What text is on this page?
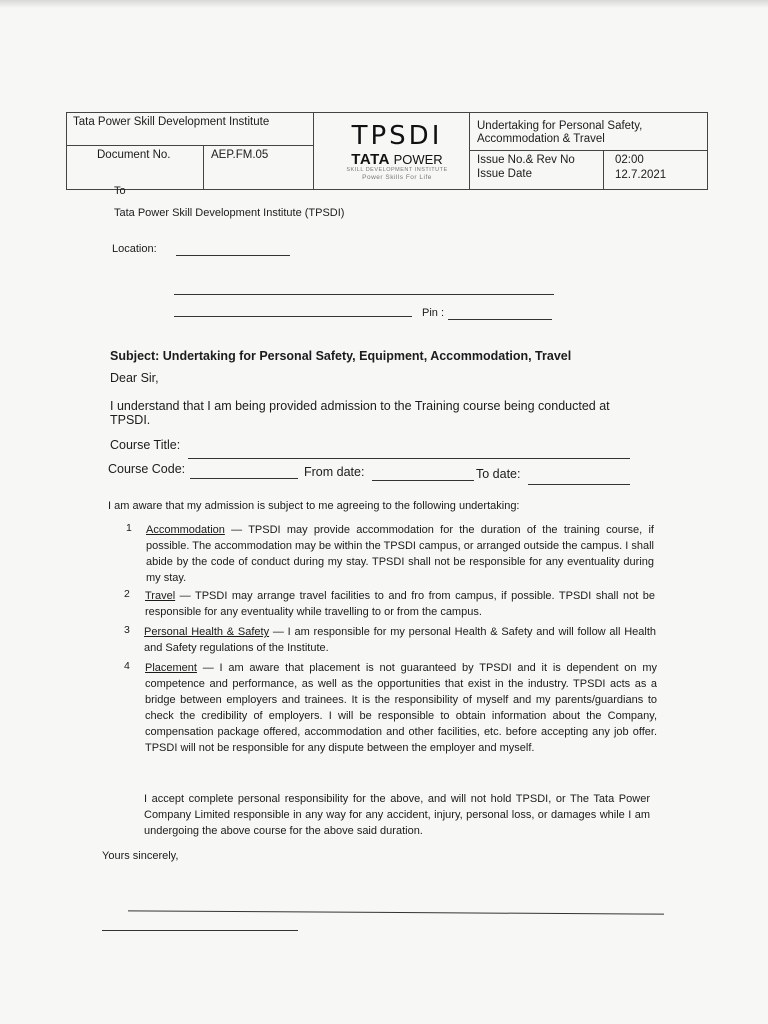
Tata Power Skill Development Institute
Document No.	AEP.FM.05
TPSDI
TATA POWER
SKILL DEVELOPMENT INSTITUTE
Power Skills For Life
Undertaking for Personal Safety, Accommodation & Travel
Issue No.& Rev No	02:00
Issue Date	12.7.2021
To
Tata Power Skill Development Institute (TPSDI)
Location:
Pin :
Subject: Undertaking for Personal Safety, Equipment, Accommodation, Travel
Dear Sir,
I understand that I am being provided admission to the Training course being conducted at TPSDI.
Course Title:
Course Code:	From date:	To date:
I am aware that my admission is subject to me agreeing to the following undertaking:
1 Accommodation — TPSDI may provide accommodation for the duration of the training course, if possible. The accommodation may be within the TPSDI campus, or arranged outside the campus. I shall abide by the code of conduct during my stay. TPSDI shall not be responsible for any eventuality during my stay.
2 Travel — TPSDI may arrange travel facilities to and fro from campus, if possible. TPSDI shall not be responsible for any eventuality while travelling to or from the campus.
3 Personal Health & Safety — I am responsible for my personal Health & Safety and will follow all Health and Safety regulations of the Institute.
4 Placement — I am aware that placement is not guaranteed by TPSDI and it is dependent on my competence and performance, as well as the opportunities that exist in the industry. TPSDI acts as a bridge between employers and trainees. It is the responsibility of myself and my parents/guardians to check the credibility of employers. I will be responsible to obtain information about the Company, compensation package offered, accommodation and other facilities, etc. before accepting any job offer. TPSDI will not be responsible for any dispute between the employer and myself.
I accept complete personal responsibility for the above, and will not hold TPSDI, or The Tata Power Company Limited responsible in any way for any accident, injury, personal loss, or damages while I am undergoing the above course for the above said duration.
Yours sincerely,
